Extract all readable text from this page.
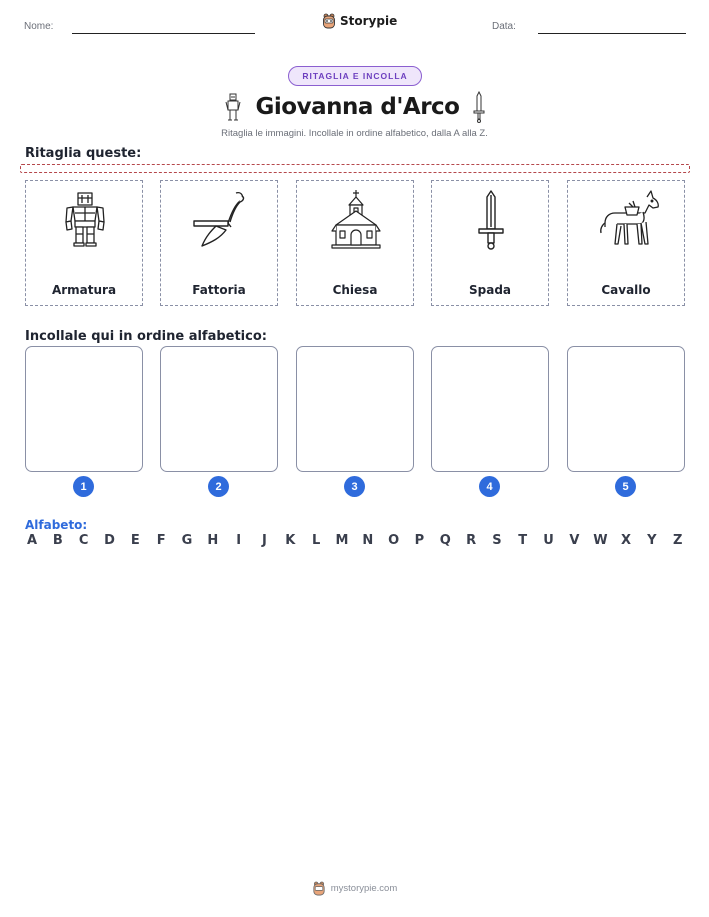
Nome:	Storypie	Data:
RITAGLIA E INCOLLA
Giovanna d'Arco
Ritaglia le immagini. Incollale in ordine alfabetico, dalla A alla Z.
Ritaglia queste:
Armatura	Fattoria	Chiesa	Spada	Cavallo
Incollale qui in ordine alfabetico:
1	2	3	4	5
Alfabeto:
A B C D E F G H	I	J	K L M N O P Q R S T U V W X Y Z
mystorypie.com
